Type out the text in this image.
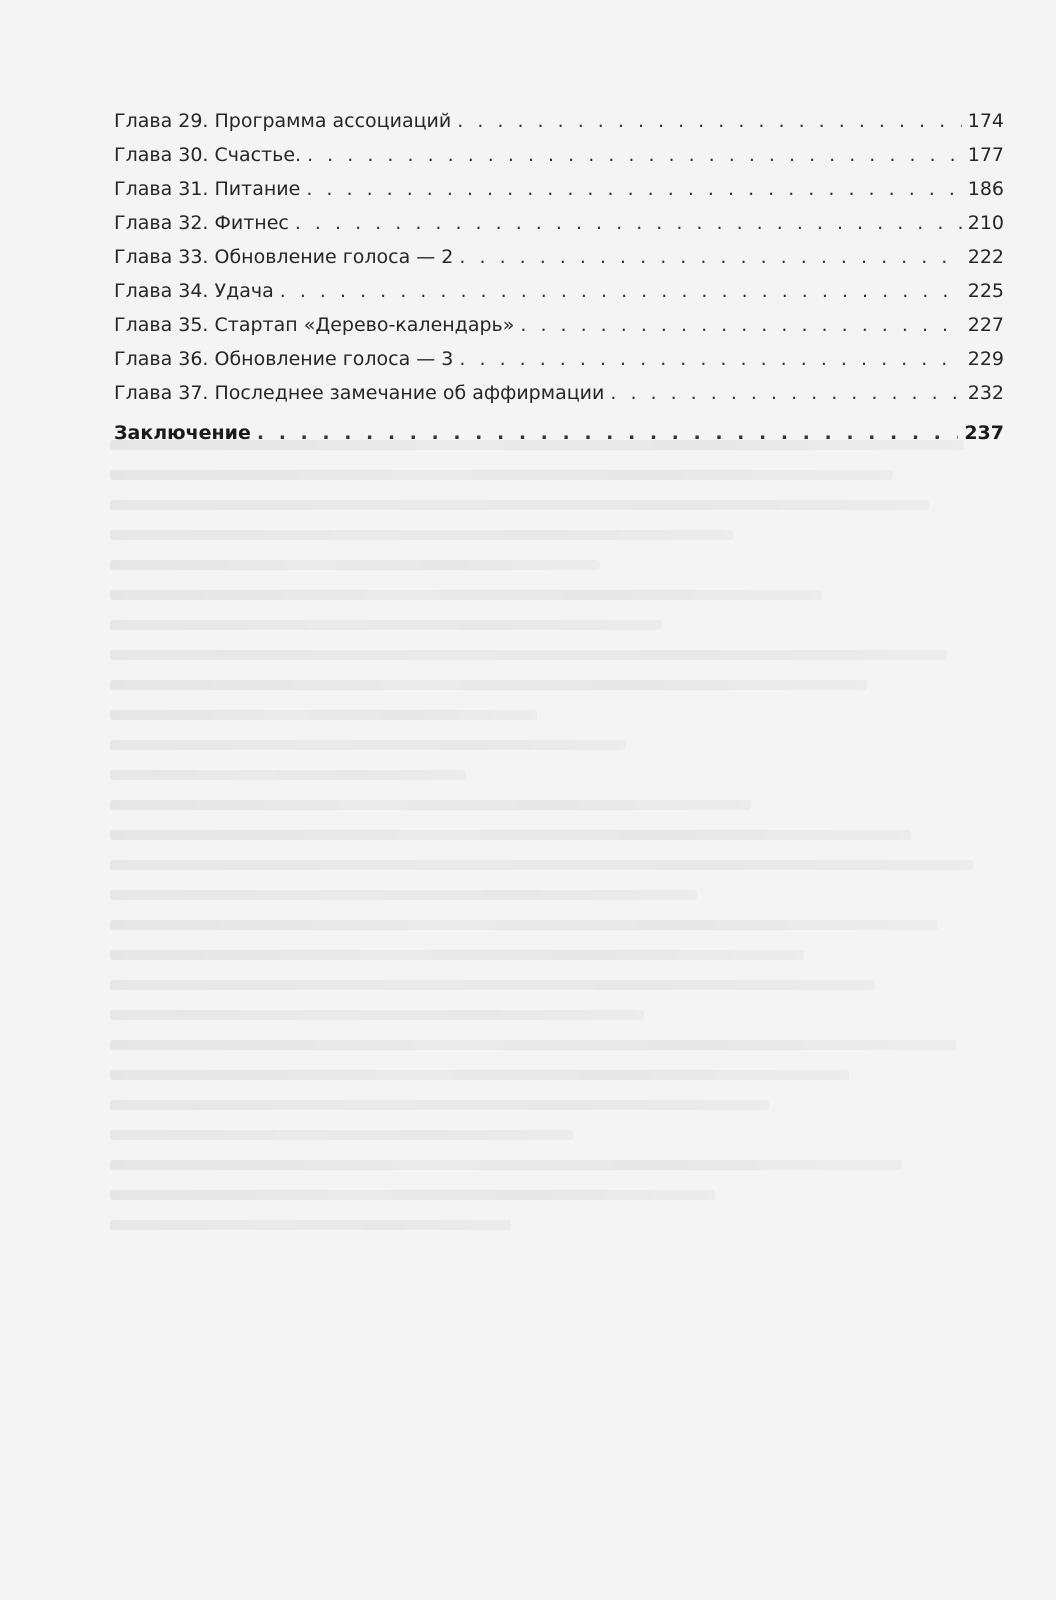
Глава 29. Программа ассоциаций . . .	174
Глава 30. Счастье. . . .	177
Глава 31. Питание . . .	186
Глава 32. Фитнес . . .	210
Глава 33. Обновление голоса — 2 . . .	222
Глава 34. Удача . . .	225
Глава 35. Стартап «Дерево-календарь» . . .	227
Глава 36. Обновление голоса — 3 . . .	229
Глава 37. Последнее замечание об аффирмации . . .	232
Заключение . . .	237
